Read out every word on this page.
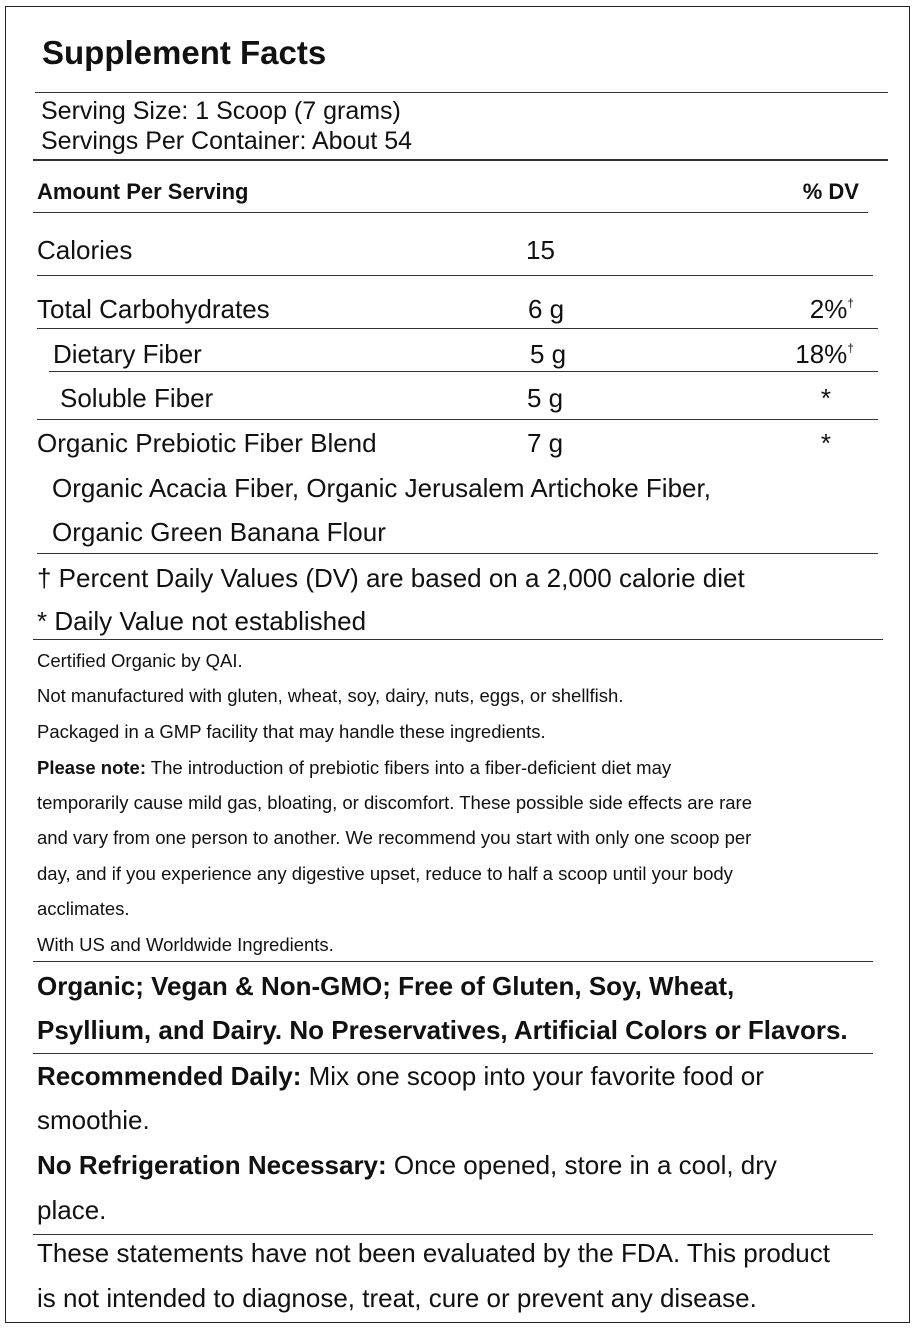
Supplement Facts
Serving Size: 1 Scoop (7 grams)
Servings Per Container: About 54
Amount Per Serving	% DV
Calories	15
Total Carbohydrates	6 g	2%†
Dietary Fiber	5 g	18%†
Soluble Fiber	5 g	*
Organic Prebiotic Fiber Blend	7 g	*
Organic Acacia Fiber, Organic Jerusalem Artichoke Fiber,
Organic Green Banana Flour
† Percent Daily Values (DV) are based on a 2,000 calorie diet
* Daily Value not established
Certified Organic by QAI.
Not manufactured with gluten, wheat, soy, dairy, nuts, eggs, or shellfish.
Packaged in a GMP facility that may handle these ingredients.
Please note: The introduction of prebiotic fibers into a fiber-deficient diet may
temporarily cause mild gas, bloating, or discomfort. These possible side effects are rare
and vary from one person to another. We recommend you start with only one scoop per
day, and if you experience any digestive upset, reduce to half a scoop until your body
acclimates.
With US and Worldwide Ingredients.
Organic; Vegan & Non-GMO; Free of Gluten, Soy, Wheat,
Psyllium, and Dairy. No Preservatives, Artificial Colors or Flavors.
Recommended Daily: Mix one scoop into your favorite food or
smoothie.
No Refrigeration Necessary: Once opened, store in a cool, dry
place.
These statements have not been evaluated by the FDA. This product
is not intended to diagnose, treat, cure or prevent any disease.
